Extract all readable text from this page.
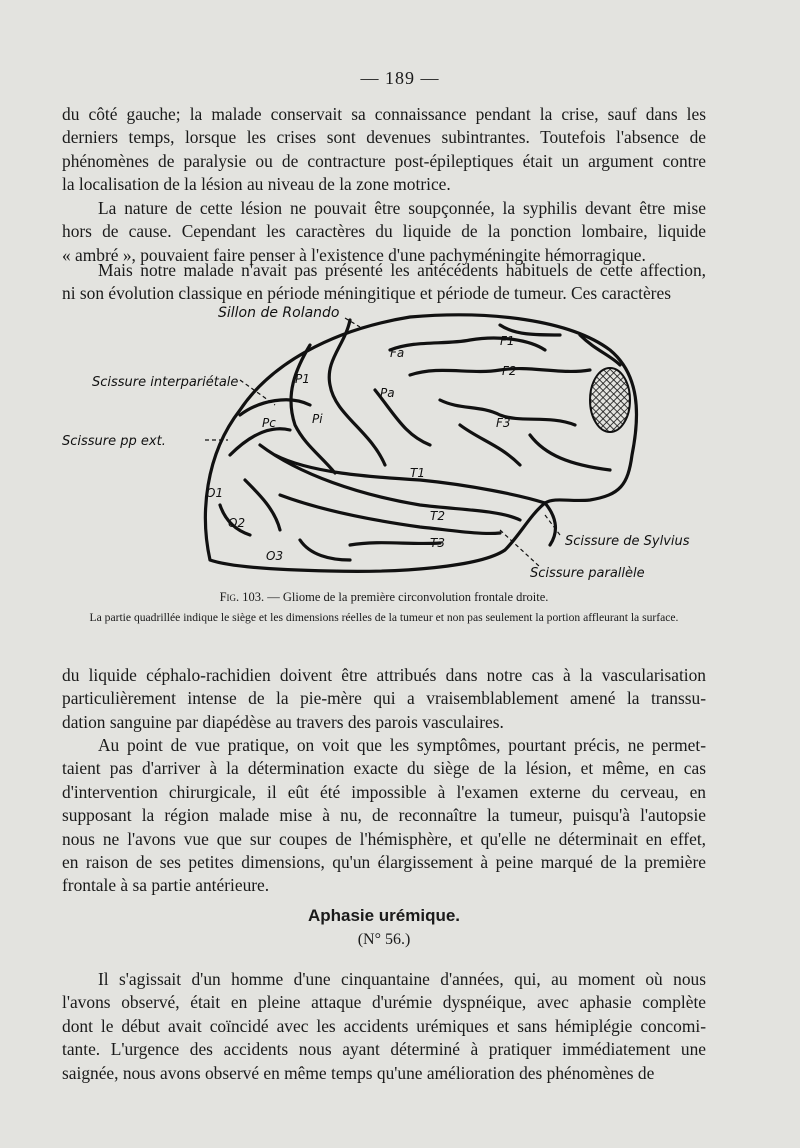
— 189 —

du côté gauche; la malade conservait sa connaissance pendant la crise, sauf dans les
derniers temps, lorsque les crises sont devenues subintrantes. Toutefois l'absence de
phénomènes de paralysie ou de contracture post-épileptiques était un argument contre
la localisation de la lésion au niveau de la zone motrice.

La nature de cette lésion ne pouvait être soupçonnée, la syphilis devant être mise
hors de cause. Cependant les caractères du liquide de la ponction lombaire, liquide
« ambré », pouvaient faire penser à l'existence d'une pachyméningite hémorragique.

Mais notre malade n'avait pas présenté les antécédents habituels de cette affection,
ni son évolution classique en période méningitique et période de tumeur. Ces caractères

Fa
Pa
P1
Pc	Pi
F1
F2
F3
T1
T2
T3
O1
O2
O3
Sillon de Rolando
Scissure interpariétale
Scissure pp ext.
Scissure de Sylvius
Scissure parallèle
Fig. 103. — Gliome de la première circonvolution frontale droite.
La partie quadrillée indique le siège et les dimensions réelles de la tumeur et non pas seulement la portion affleurant la surface.

du liquide céphalo-rachidien doivent être attribués dans notre cas à la vascularisation
particulièrement intense de la pie-mère qui a vraisemblablement amené la transsu-
dation sanguine par diapédèse au travers des parois vasculaires.

Au point de vue pratique, on voit que les symptômes, pourtant précis, ne permet-
taient pas d'arriver à la détermination exacte du siège de la lésion, et même, en cas
d'intervention chirurgicale, il eût été impossible à l'examen externe du cerveau, en
supposant la région malade mise à nu, de reconnaître la tumeur, puisqu'à l'autopsie
nous ne l'avons vue que sur coupes de l'hémisphère, et qu'elle ne déterminait en effet,
en raison de ses petites dimensions, qu'un élargissement à peine marqué de la première
frontale à sa partie antérieure.

Aphasie urémique.
(N° 56.)

Il s'agissait d'un homme d'une cinquantaine d'années, qui, au moment où nous
l'avons observé, était en pleine attaque d'urémie dyspnéique, avec aphasie complète
dont le début avait coïncidé avec les accidents urémiques et sans hémiplégie concomi-
tante. L'urgence des accidents nous ayant déterminé à pratiquer immédiatement une
saignée, nous avons observé en même temps qu'une amélioration des phénomènes de
